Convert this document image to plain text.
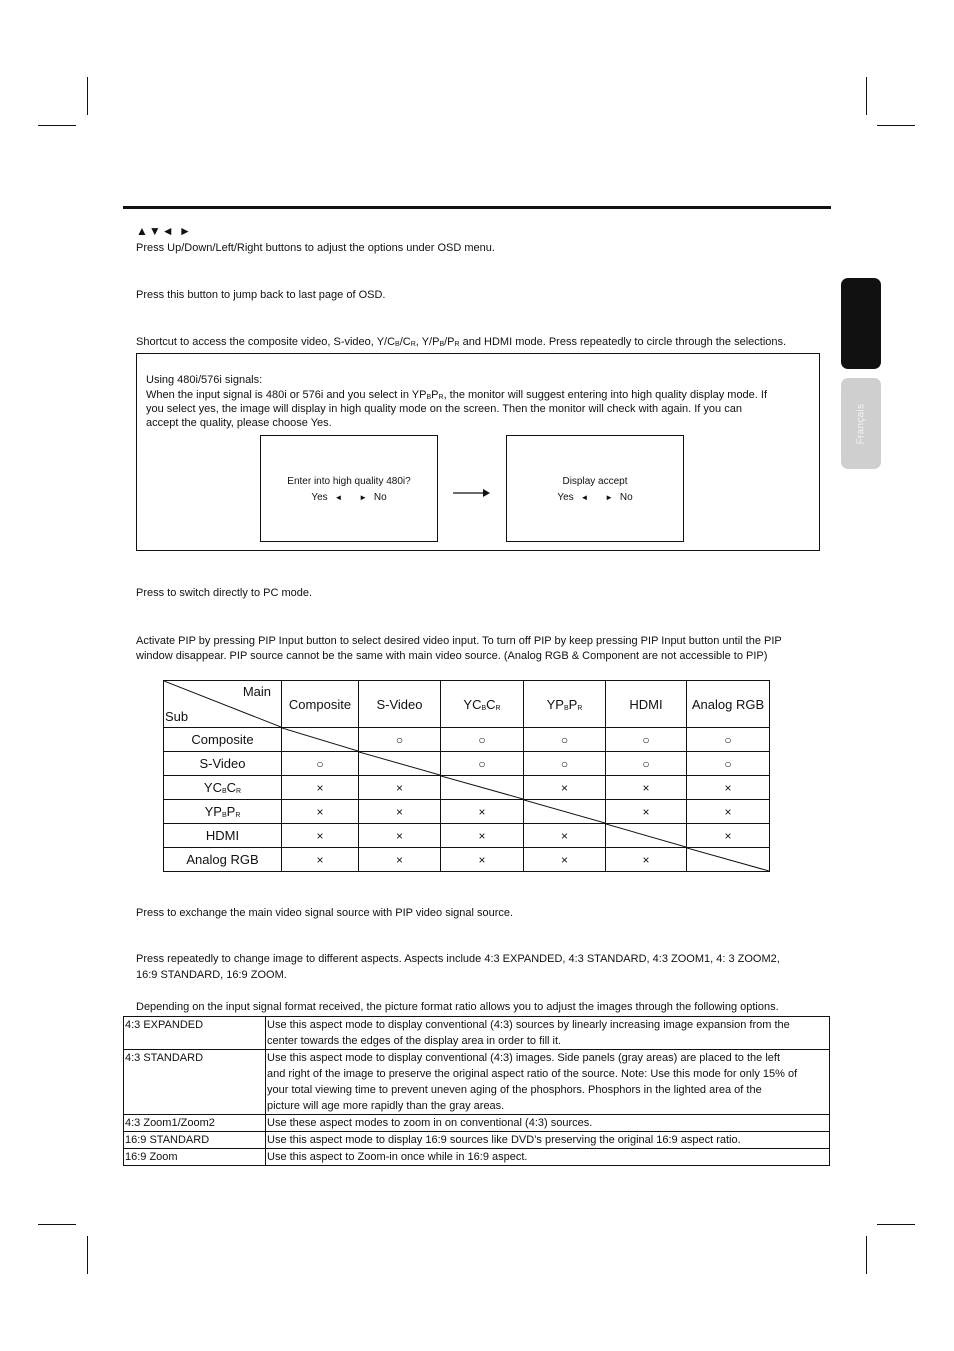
Français
▲▼◄ ►
Press Up/Down/Left/Right buttons to adjust the options under OSD menu.
Press this button to jump back to last page of OSD.
Shortcut to access the composite video, S-video, $Y/C_B/C_R$, $Y/P_B/P_R$ and HDMI mode. Press repeatedly to circle through the selections.
Using 480i/576i signals:
When the input signal is 480i or 576i and you select in $YP_BP_R$, the monitor will suggest entering into high quality display mode. If
you select yes, the image will display in high quality mode on the screen. Then the monitor will check with again. If you can
accept the quality, please choose Yes.
Enter into high quality 480i?
Yes ◄ ► No
Display accept
Yes ◄ ► No
Press to switch directly to PC mode.
Activate PIP by pressing PIP Input button to select desired video input. To turn off PIP by keep pressing PIP Input button until the PIP
window disappear. PIP source cannot be the same with main video source. (Analog RGB & Component are not accessible to PIP)
Main
Sub	Composite	S-Video	$YC_BC_R$	$YP_BP_R$	HDMI	Analog RGB
Composite		○	○	○	○	○
S-Video	○		○	○	○	○
$YC_BC_R$	×	×		×	×	×
$YP_BP_R$	×	×	×		×	×
HDMI	×	×	×	×		×
Analog RGB	×	×	×	×	×	
Press to exchange the main video signal source with PIP video signal source.
Press repeatedly to change image to different aspects. Aspects include 4:3 EXPANDED, 4:3 STANDARD, 4:3 ZOOM1, 4: 3 ZOOM2,
16:9 STANDARD, 16:9 ZOOM.
Depending on the input signal format received, the picture format ratio allows you to adjust the images through the following options.
4:3 EXPANDED	Use this aspect mode to display conventional (4:3) sources by linearly increasing image expansion from the
center towards the edges of the display area in order to fill it.

4:3 STANDARD	Use this aspect mode to display conventional (4:3) images. Side panels (gray areas) are placed to the left
and right of the image to preserve the original aspect ratio of the source. Note: Use this mode for only 15% of
your total viewing time to prevent uneven aging of the phosphors. Phosphors in the lighted area of the
picture will age more rapidly than the gray areas.

4:3 Zoom1/Zoom2	Use these aspect modes to zoom in on conventional (4:3) sources.

16:9 STANDARD	Use this aspect mode to display 16:9 sources like DVD’s preserving the original 16:9 aspect ratio.

16:9 Zoom	Use this aspect to Zoom-in once while in 16:9 aspect.
